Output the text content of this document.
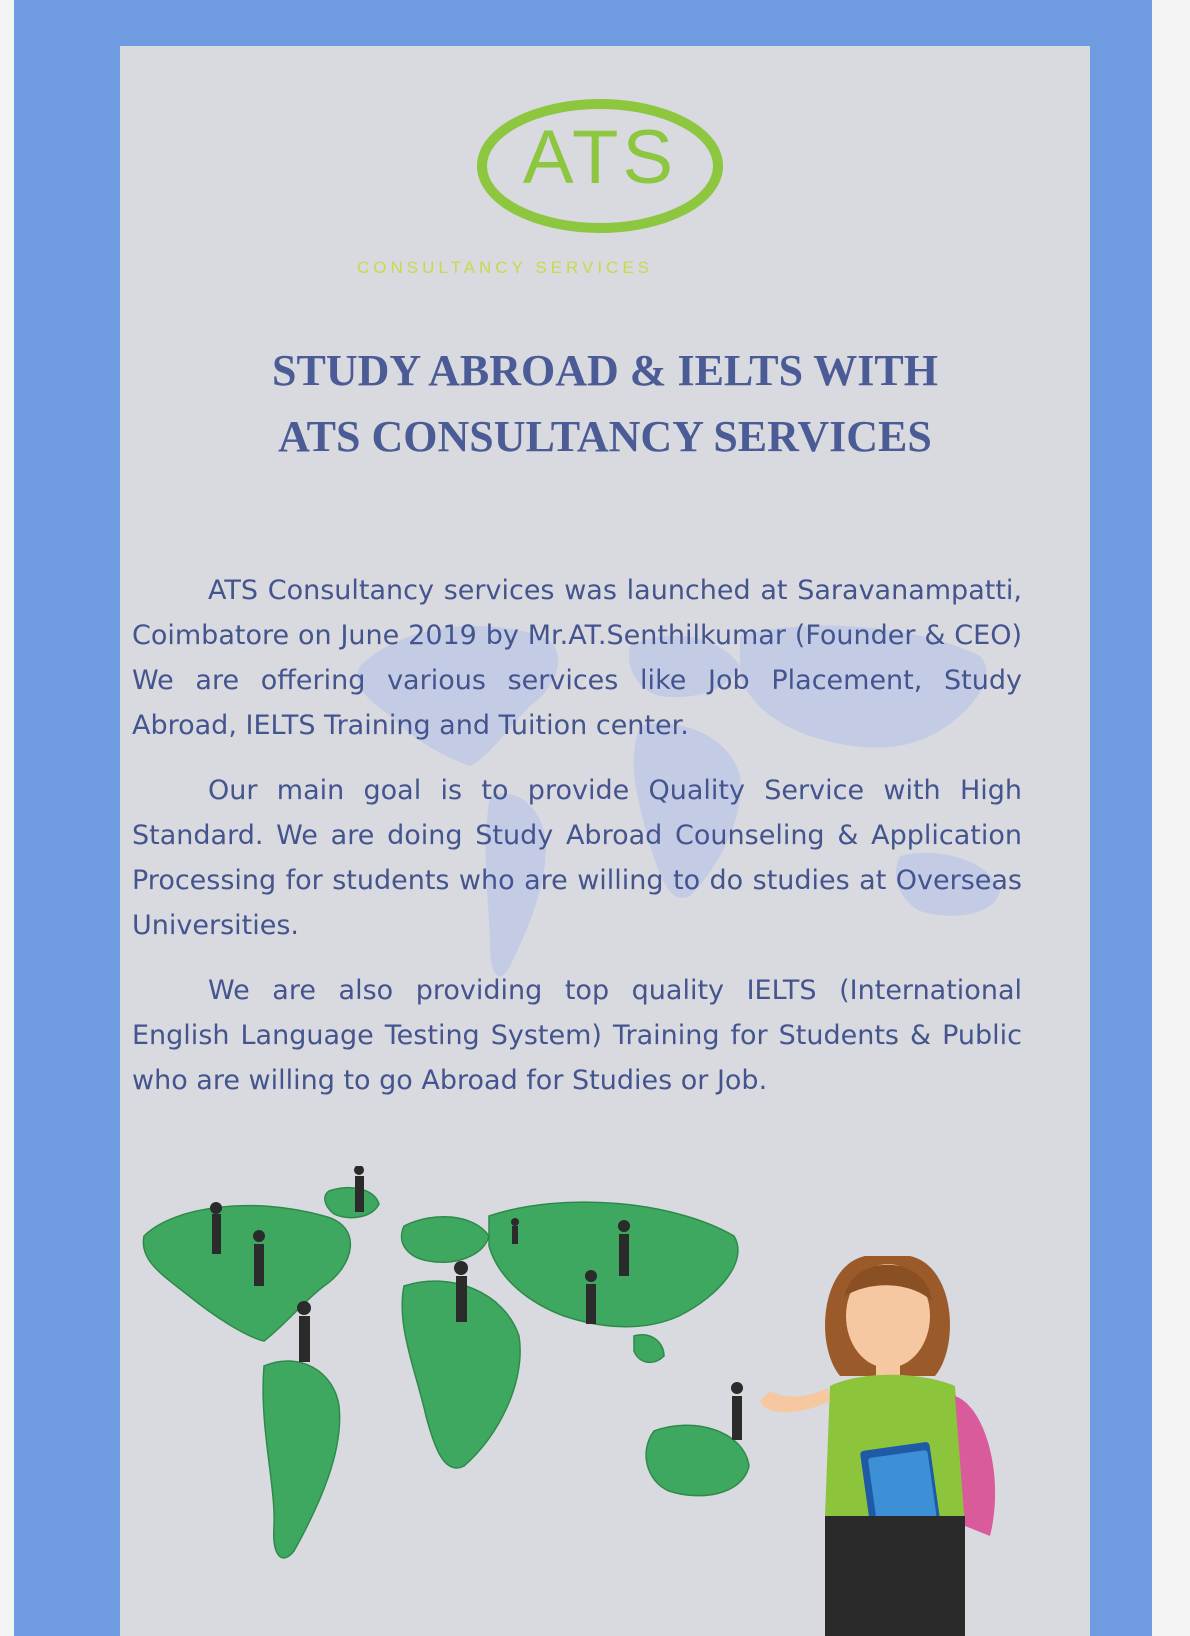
ATS
CONSULTANCY SERVICES
STUDY ABROAD & IELTS WITH
ATS CONSULTANCY SERVICES

ATS Consultancy services was launched at Saravanampatti, Coimbatore on June 2019 by Mr.AT.Senthilkumar (Founder & CEO) We are offering various services like Job Placement, Study Abroad, IELTS Training and Tuition center.

Our main goal is to provide Quality Service with High Standard. We are doing Study Abroad Counseling & Application Processing for students who are willing to do studies at Overseas Universities.

We are also providing top quality IELTS (International English Language Testing System) Training for Students & Public who are willing to go Abroad for Studies or Job.
